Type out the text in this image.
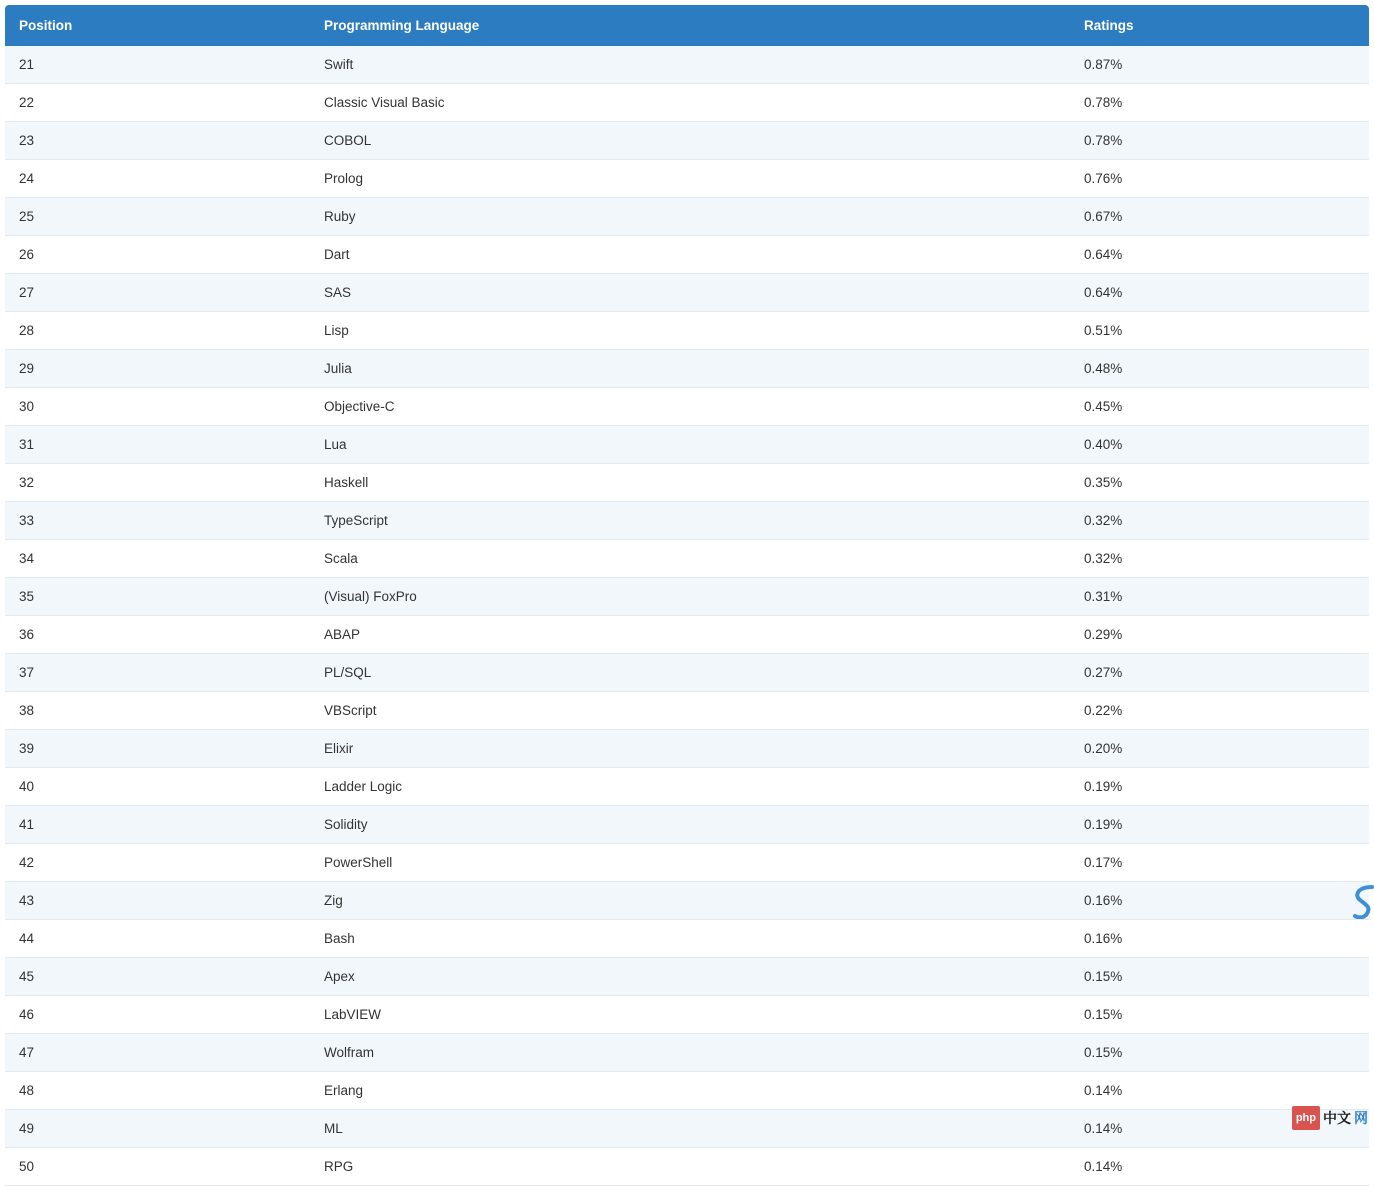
Position	Programming Language	Ratings
21	Swift	0.87%
22	Classic Visual Basic	0.78%
23	COBOL	0.78%
24	Prolog	0.76%
25	Ruby	0.67%
26	Dart	0.64%
27	SAS	0.64%
28	Lisp	0.51%
29	Julia	0.48%
30	Objective-C	0.45%
31	Lua	0.40%
32	Haskell	0.35%
33	TypeScript	0.32%
34	Scala	0.32%
35	(Visual) FoxPro	0.31%
36	ABAP	0.29%
37	PL/SQL	0.27%
38	VBScript	0.22%
39	Elixir	0.20%
40	Ladder Logic	0.19%
41	Solidity	0.19%
42	PowerShell	0.17%
43	Zig	0.16%
44	Bash	0.16%
45	Apex	0.15%
46	LabVIEW	0.15%
47	Wolfram	0.15%
48	Erlang	0.14%
49	ML	0.14%
50	RPG	0.14%
php 中文 网
